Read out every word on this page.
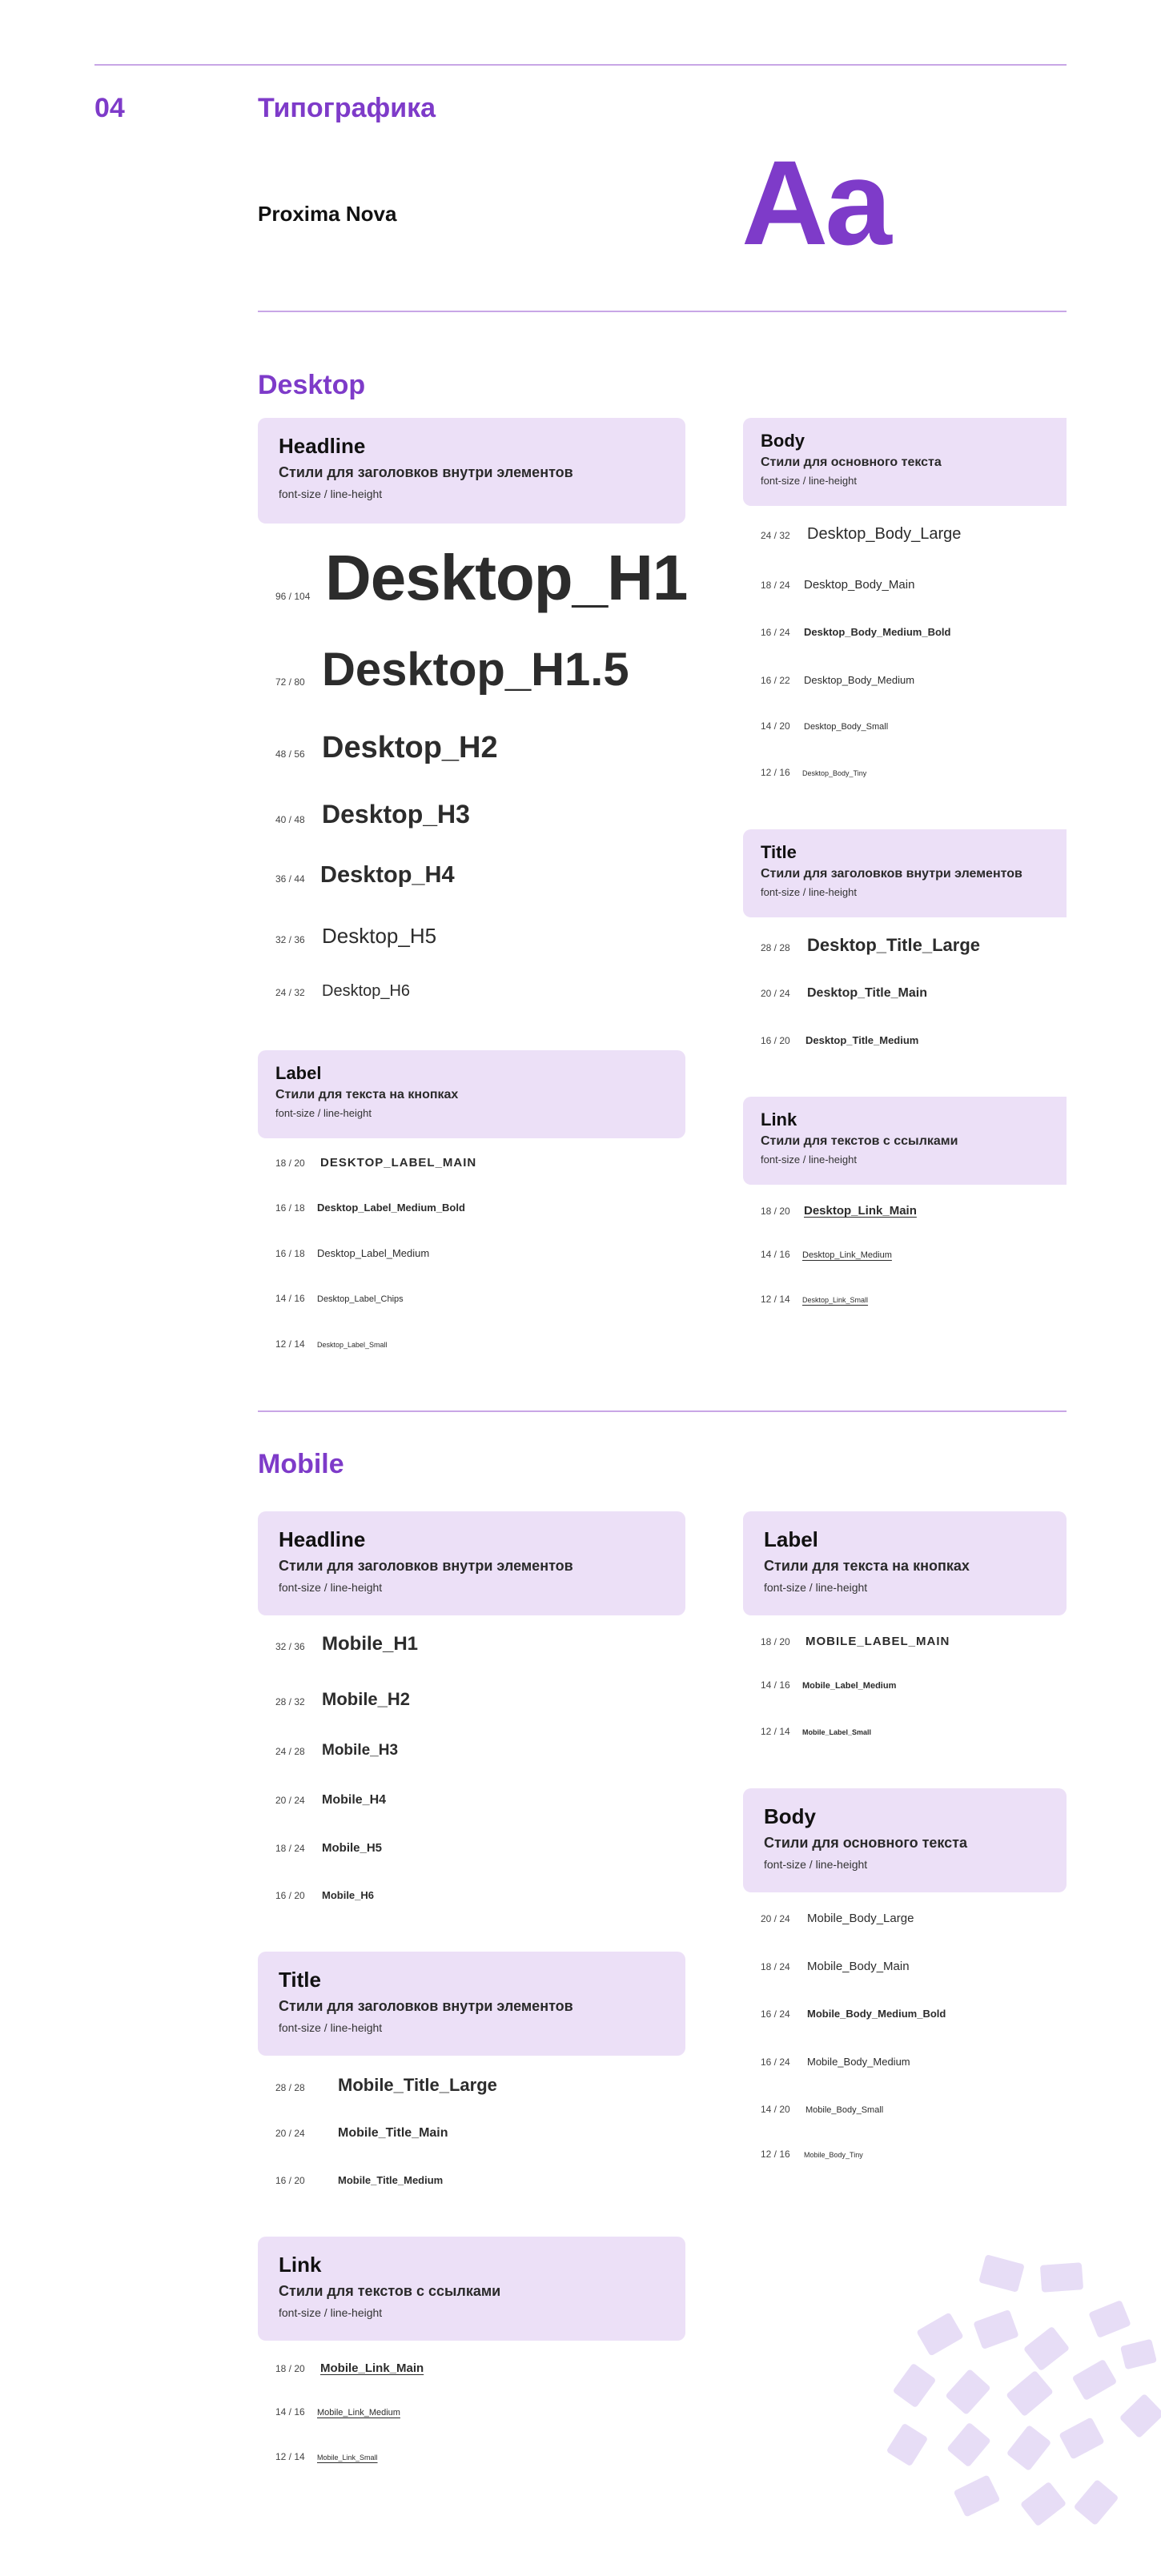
04	Типографика
Proxima Nova	Aa
Desktop
Headline
Стили для заголовков внутри элементов
font-size / line-height
96 / 104 Desktop_H1
72 / 80 Desktop_H1.5
48 / 56 Desktop_H2
40 / 48 Desktop_H3
36 / 44 Desktop_H4
32 / 36 Desktop_H5
24 / 32	Desktop_H6
Label
Стили для текста на кнопках
font-size / line-height
18 / 20	DESKTOP_LABEL_MAIN
16 / 18	Desktop_Label_Medium_Bold
16 / 18	Desktop_Label_Medium
14 / 16	Desktop_Label_Chips
12 / 14	Desktop_Label_Small
Body
Стили для основного текста
font-size / line-height
24 / 32	Desktop_Body_Large
18 / 24	Desktop_Body_Main
16 / 24	Desktop_Body_Medium_Bold
16 / 22	Desktop_Body_Medium
14 / 20	Desktop_Body_Small
12 / 16	Desktop_Body_Tiny
Title
Стили для заголовков внутри элементов
font-size / line-height
28 / 28 Desktop_Title_Large
20 / 24	Desktop_Title_Main
16 / 20	Desktop_Title_Medium
Link
Стили для текстов с ссылками
font-size / line-height
18 / 20	Desktop_Link_Main
14 / 16	Desktop_Link_Medium
12 / 14	Desktop_Link_Small
Mobile
Headline
Стили для заголовков внутри элементов
font-size / line-height
32 / 36 Mobile_H1
28 / 32 Mobile_H2
24 / 28	Mobile_H3
20 / 24	Mobile_H4
18 / 24	Mobile_H5
16 / 20	Mobile_H6
Title
Стили для заголовков внутри элементов
font-size / line-height
28 / 28	Mobile_Title_Large
20 / 24	Mobile_Title_Main
16 / 20	Mobile_Title_Medium
Link
Стили для текстов с ссылками
font-size / line-height
18 / 20	Mobile_Link_Main
14 / 16	Mobile_Link_Medium
12 / 14	Mobile_Link_Small
Label
Стили для текста на кнопках
font-size / line-height
18 / 20	MOBILE_LABEL_MAIN
14 / 16	Mobile_Label_Medium
12 / 14	Mobile_Label_Small
Body
Стили для основного текста
font-size / line-height
20 / 24	Mobile_Body_Large
18 / 24	Mobile_Body_Main
16 / 24	Mobile_Body_Medium_Bold
16 / 24	Mobile_Body_Medium
14 / 20	Mobile_Body_Small
12 / 16	Mobile_Body_Tiny
